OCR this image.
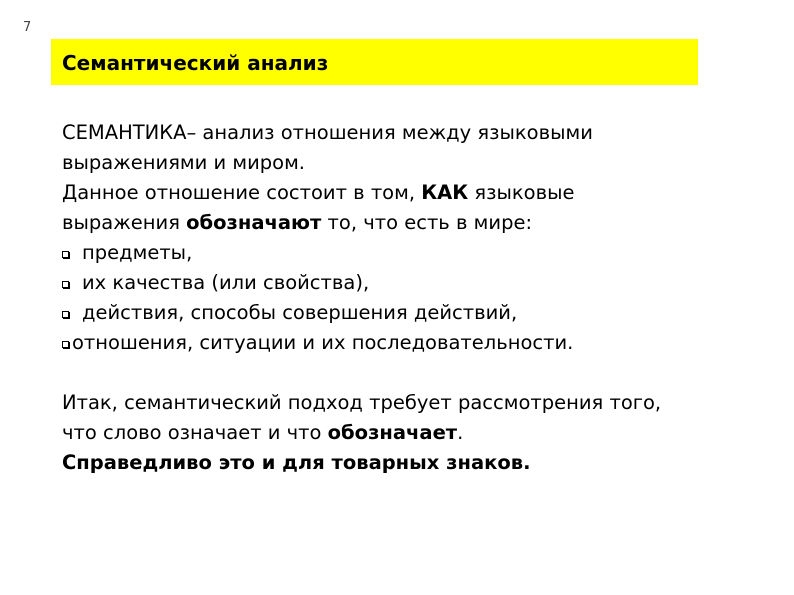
7
Семантический анализ
СЕМАНТИКА– анализ отношения между языковыми
выражениями и миром.
Данное отношение состоит в том, КАК языковые
выражения обозначают то, что есть в мире:
предметы,
их качества (или свойства),
действия, способы совершения действий,
отношения, ситуации и их последовательности.
Итак, семантический подход требует рассмотрения того,
что слово означает и что обозначает.
Справедливо это и для товарных знаков.
